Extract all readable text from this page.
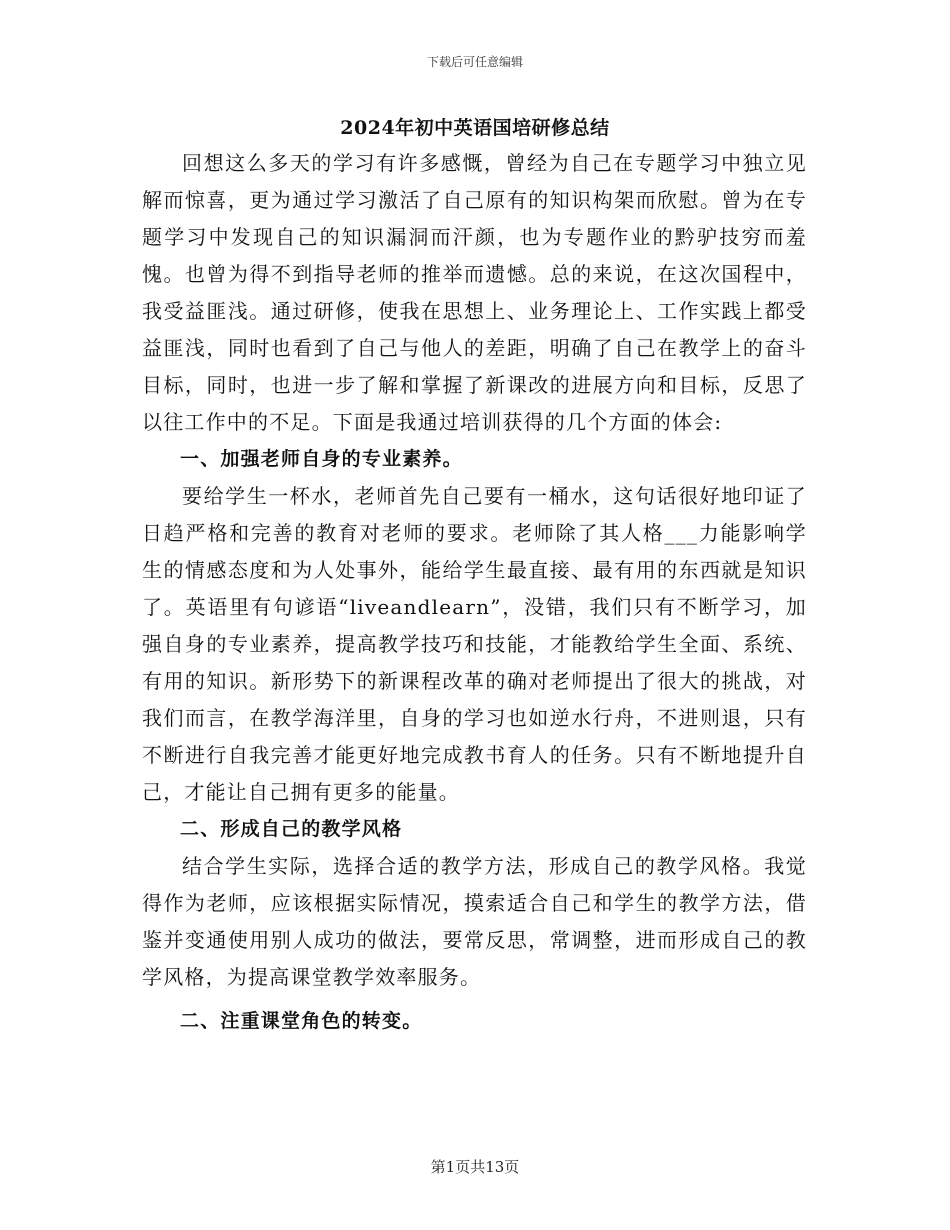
下载后可任意编辑
2024年初中英语国培研修总结

回想这么多天的学习有许多感慨，曾经为自己在专题学习中独立见解而惊喜，更为通过学习激活了自己原有的知识构架而欣慰。曾为在专题学习中发现自己的知识漏洞而汗颜，也为专题作业的黔驴技穷而羞愧。也曾为得不到指导老师的推举而遗憾。总的来说，在这次国程中，我受益匪浅。通过研修，使我在思想上、业务理论上、工作实践上都受益匪浅，同时也看到了自己与他人的差距，明确了自己在教学上的奋斗目标，同时，也进一步了解和掌握了新课改的进展方向和目标，反思了以往工作中的不足。下面是我通过培训获得的几个方面的体会:

一、加强老师自身的专业素养。

要给学生一杯水，老师首先自己要有一桶水，这句话很好地印证了日趋严格和完善的教育对老师的要求。老师除了其人格___力能影响学生的情感态度和为人处事外，能给学生最直接、最有用的东西就是知识了。英语里有句谚语“liveandlearn”，没错，我们只有不断学习，加强自身的专业素养，提高教学技巧和技能，才能教给学生全面、系统、有用的知识。新形势下的新课程改革的确对老师提出了很大的挑战，对我们而言，在教学海洋里，自身的学习也如逆水行舟，不进则退，只有不断进行自我完善才能更好地完成教书育人的任务。只有不断地提升自己，才能让自己拥有更多的能量。

二、形成自己的教学风格

结合学生实际，选择合适的教学方法，形成自己的教学风格。我觉得作为老师，应该根据实际情况，摸索适合自己和学生的教学方法，借鉴并变通使用别人成功的做法，要常反思，常调整，进而形成自己的教学风格，为提高课堂教学效率服务。

二、注重课堂角色的转变。

第1页共13页
